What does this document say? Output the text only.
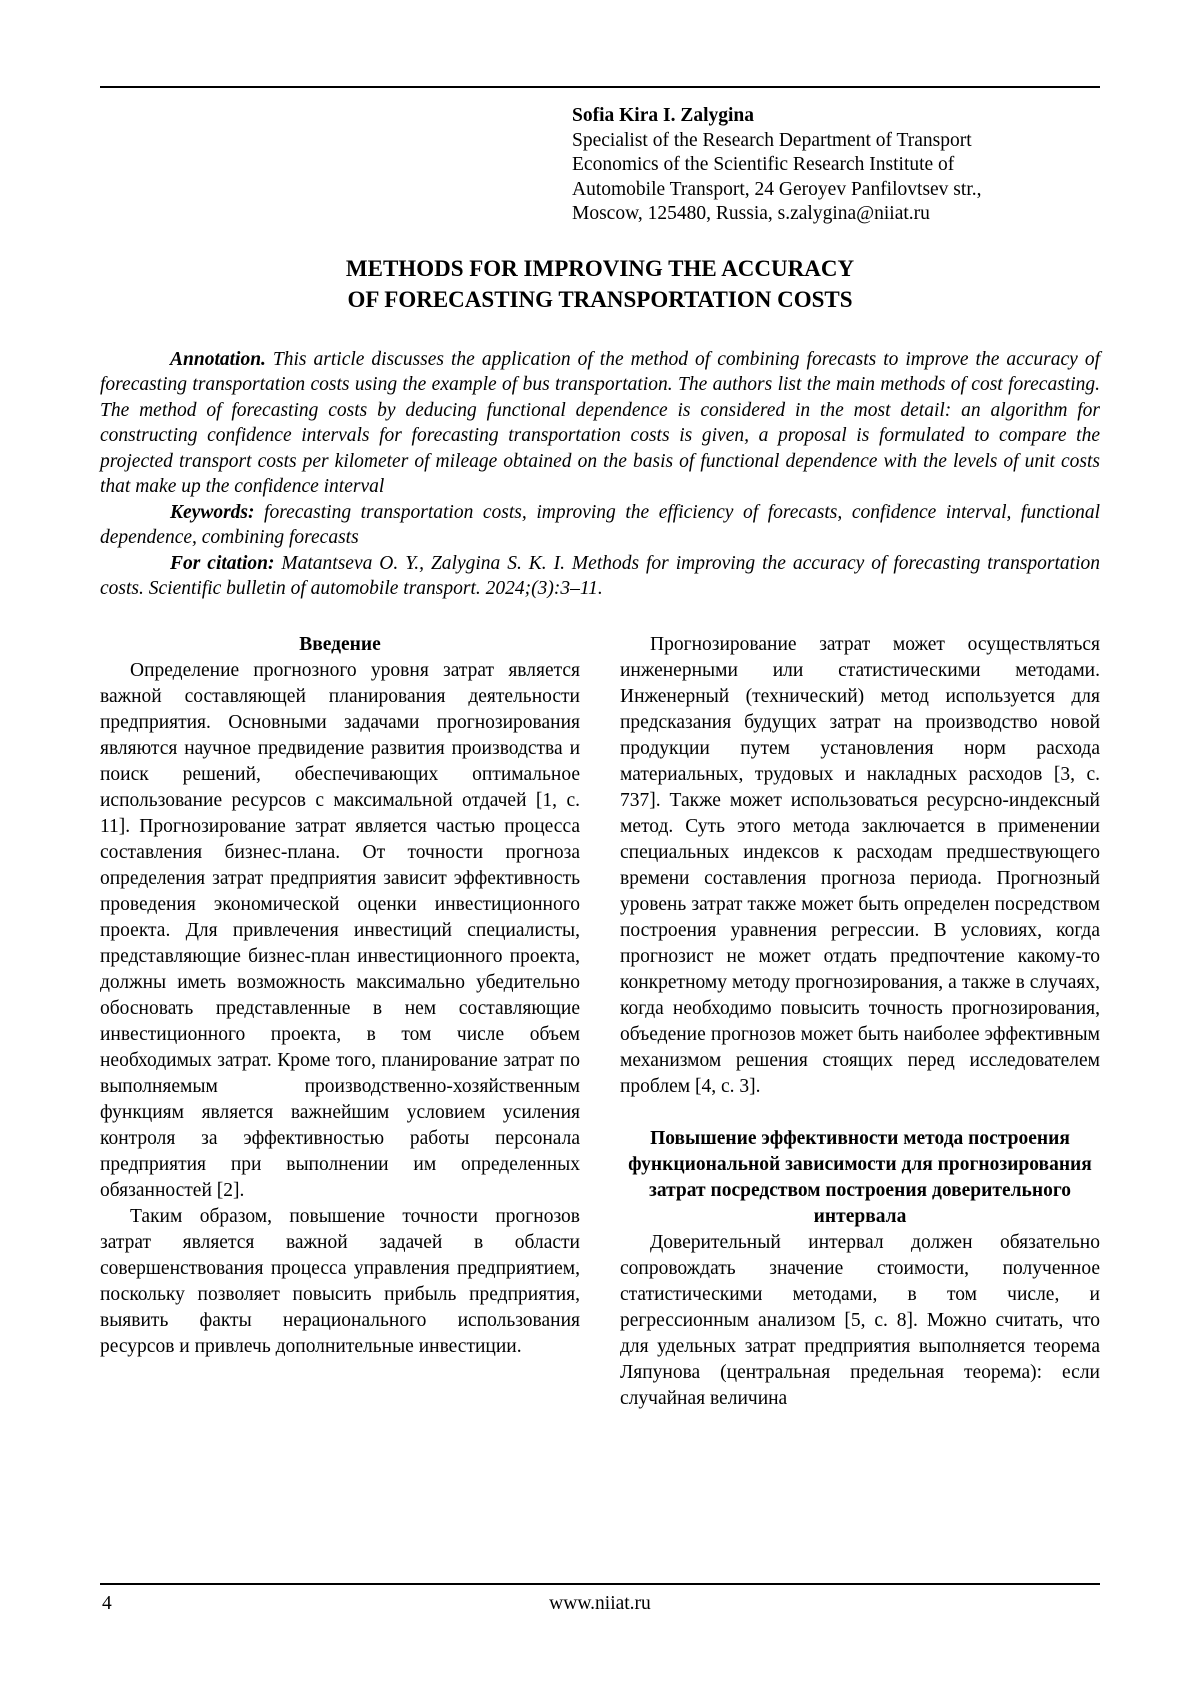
Sofia Kira I. Zalygina
Specialist of the Research Department of Transport
Economics of the Scientific Research Institute of
Automobile Transport, 24 Geroyev Panfilovtsev str.,
Moscow, 125480, Russia, s.zalygina@niiat.ru
METHODS FOR IMPROVING THE ACCURACY
OF FORECASTING TRANSPORTATION COSTS

Annotation. This article discusses the application of the method of combining forecasts to improve the accuracy of forecasting transportation costs using the example of bus transportation. The authors list the main methods of cost forecasting. The method of forecasting costs by deducing functional dependence is considered in the most detail: an algorithm for constructing confidence intervals for forecasting transportation costs is given, a proposal is formulated to compare the projected transport costs per kilometer of mileage obtained on the basis of functional dependence with the levels of unit costs that make up the confidence interval

Keywords: forecasting transportation costs, improving the efficiency of forecasts, confidence interval, functional dependence, combining forecasts

For citation: Matantseva O. Y., Zalygina S. K. I. Methods for improving the accuracy of forecasting transportation costs. Scientific bulletin of automobile transport. 2024;(3):3–11.

Введение

Определение прогнозного уровня затрат является важной составляющей планирования деятельности предприятия. Основными задачами прогнозирования являются научное предвидение развития производства и поиск решений, обеспечивающих оптимальное использование ресурсов с максимальной отдачей [1, с. 11]. Прогнозирование затрат является частью процесса составления бизнес-плана. От точности прогноза определения затрат предприятия зависит эффективность проведения экономической оценки инвестиционного проекта. Для привлечения инвестиций специалисты, представляющие бизнес-план инвестиционного проекта, должны иметь возможность максимально убедительно обосновать представленные в нем составляющие инвестиционного проекта, в том числе объем необходимых затрат. Кроме того, планирование затрат по выполняемым производственно-хозяйственным функциям является важнейшим условием усиления контроля за эффективностью работы персонала предприятия при выполнении им определенных обязанностей [2].

Таким образом, повышение точности прогнозов затрат является важной задачей в области совершенствования процесса управления предприятием, поскольку позволяет повысить прибыль предприятия, выявить факты нерационального использования ресурсов и привлечь дополнительные инвестиции.

Прогнозирование затрат может осуществляться инженерными или статистическими методами. Инженерный (технический) метод используется для предсказания будущих затрат на производство новой продукции путем установления норм расхода материальных, трудовых и накладных расходов [3, с. 737]. Также может использоваться ресурсно-индексный метод. Суть этого метода заключается в применении специальных индексов к расходам предшествующего времени составления прогноза периода. Прогнозный уровень затрат также может быть определен посредством построения уравнения регрессии. В условиях, когда прогнозист не может отдать предпочтение какому-то конкретному методу прогнозирования, а также в случаях, когда необходимо повысить точность прогнозирования, объедение прогнозов может быть наиболее эффективным механизмом решения стоящих перед исследователем проблем [4, с. 3].

Повышение эффективности метода построения функциональной зависимости для прогнозирования затрат посредством построения доверительного интервала

Доверительный интервал должен обязательно сопровождать значение стоимости, полученное статистическими методами, в том числе, и регрессионным анализом [5, с. 8]. Можно считать, что для удельных затрат предприятия выполняется теорема Ляпунова (центральная предельная теорема): если случайная величина

4	www.niiat.ru
